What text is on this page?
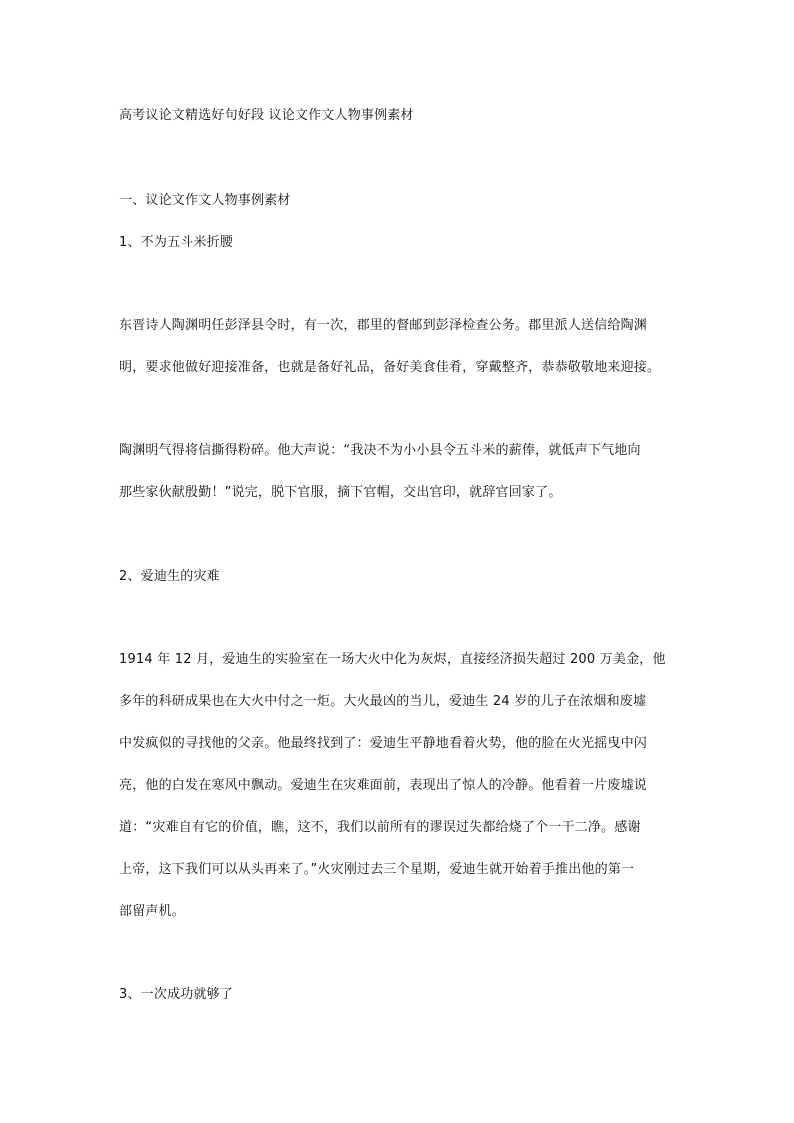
高考议论文精选好句好段 议论文作文人物事例素材
一、议论文作文人物事例素材
1、不为五斗米折腰
东晋诗人陶渊明任彭泽县令时，有一次，郡里的督邮到彭泽检查公务。郡里派人送信给陶渊
明，要求他做好迎接准备，也就是备好礼品，备好美食佳肴，穿戴整齐，恭恭敬敬地来迎接。
陶渊明气得将信撕得粉碎。他大声说：“我决不为小小县令五斗米的薪俸，就低声下气地向
那些家伙献殷勤！”说完，脱下官服，摘下官帽，交出官印，就辞官回家了。
2、爱迪生的灾难
1914 年 12 月，爱迪生的实验室在一场大火中化为灰烬，直接经济损失超过 200 万美金，他
多年的科研成果也在大火中付之一炬。大火最凶的当儿，爱迪生 24 岁的儿子在浓烟和废墟
中发疯似的寻找他的父亲。他最终找到了：爱迪生平静地看着火势，他的脸在火光摇曳中闪
亮，他的白发在寒风中飘动。爱迪生在灾难面前，表现出了惊人的冷静。他看着一片废墟说
道：“灾难自有它的价值，瞧，这不，我们以前所有的谬误过失都给烧了个一干二净。感谢
上帝，这下我们可以从头再来了。”火灾刚过去三个星期，爱迪生就开始着手推出他的第一
部留声机。
3、一次成功就够了
